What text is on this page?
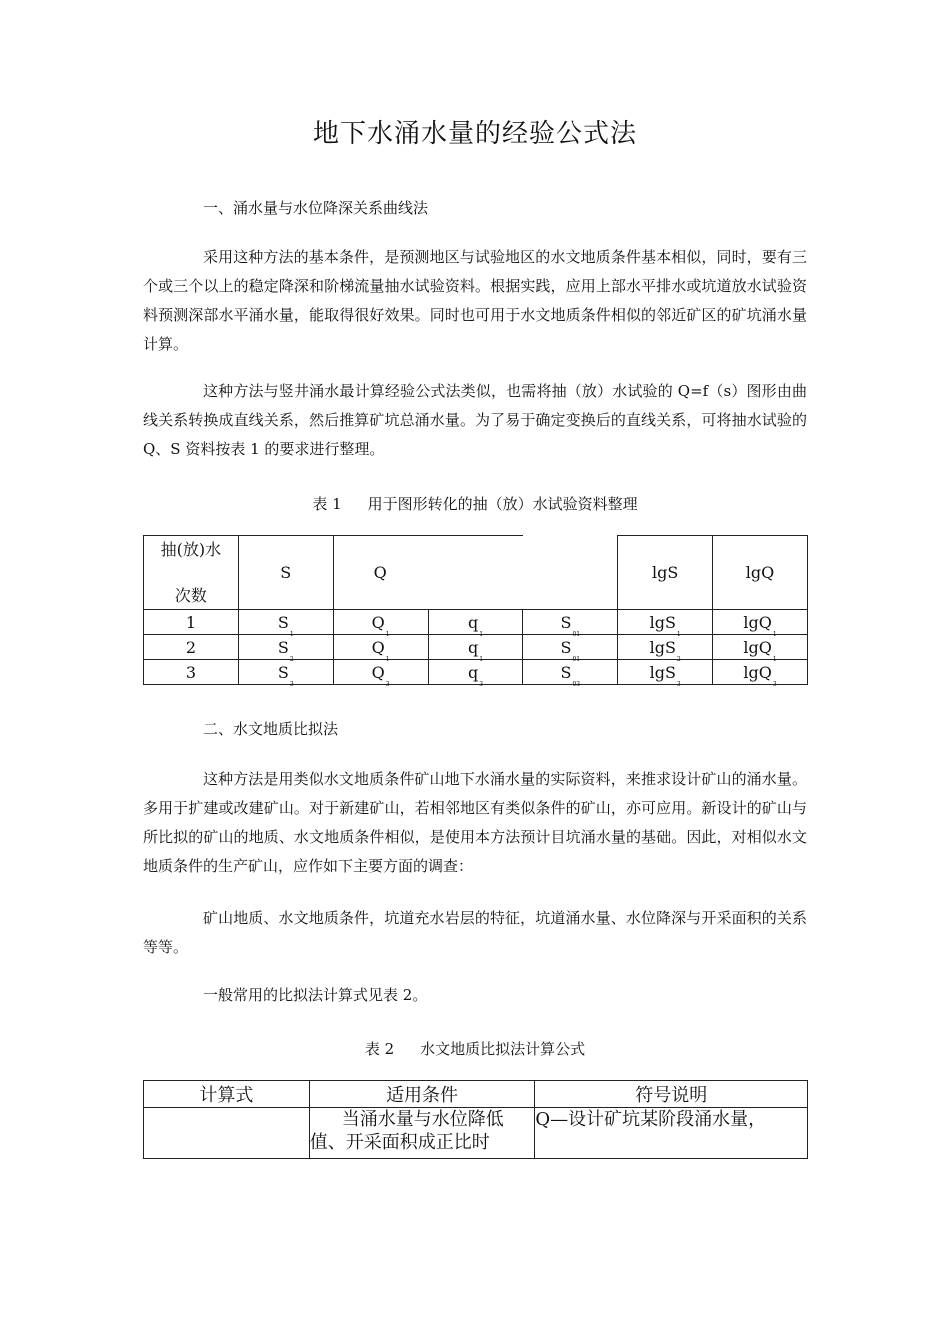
地下水涌水量的经验公式法
一、涌水量与水位降深关系曲线法

采用这种方法的基本条件，是预测地区与试验地区的水文地质条件基本相似，同时，要有三个或三个以上的稳定降深和阶梯流量抽水试验资料。根据实践，应用上部水平排水或坑道放水试验资料预测深部水平涌水量，能取得很好效果。同时也可用于水文地质条件相似的邻近矿区的矿坑涌水量计算。

这种方法与竖井涌水最计算经验公式法类似，也需将抽（放）水试验的 Q=f（s）图形由曲线关系转换成直线关系，然后推算矿坑总涌水量。为了易于确定变换后的直线关系，可将抽水试验的 Q、S 资料按表 1 的要求进行整理。

表 1 用于图形转化的抽（放）水试验资料整理
抽(放)水
次数	S	Q			lgS	lgQ
1	$S_1$	$Q_1$	$q_1$	$S_{01}$	lgS$_1$	lgQ$_1$
2	$S_2$	$Q_1$	$q_1$	$S_{01}$	lgS$_2$	lgQ$_1$
3	$S_3$	$Q_3$	$q_3$	$S_{03}$	lgS$_3$	lgQ$_3$
二、水文地质比拟法

这种方法是用类似水文地质条件矿山地下水涌水量的实际资料，来推求设计矿山的涌水量。多用于扩建或改建矿山。对于新建矿山，若相邻地区有类似条件的矿山，亦可应用。新设计的矿山与所比拟的矿山的地质、水文地质条件相似，是使用本方法预计目坑涌水量的基础。因此，对相似水文地质条件的生产矿山，应作如下主要方面的调查：

矿山地质、水文地质条件，坑道充水岩层的特征，坑道涌水量、水位降深与开采面积的关系等等。

一般常用的比拟法计算式见表 2。

表 2 水文地质比拟法计算公式
计算式	适用条件	符号说明
	当涌水量与水位降低值、开采面积成正比时	Q—设计矿坑某阶段涌水量，
